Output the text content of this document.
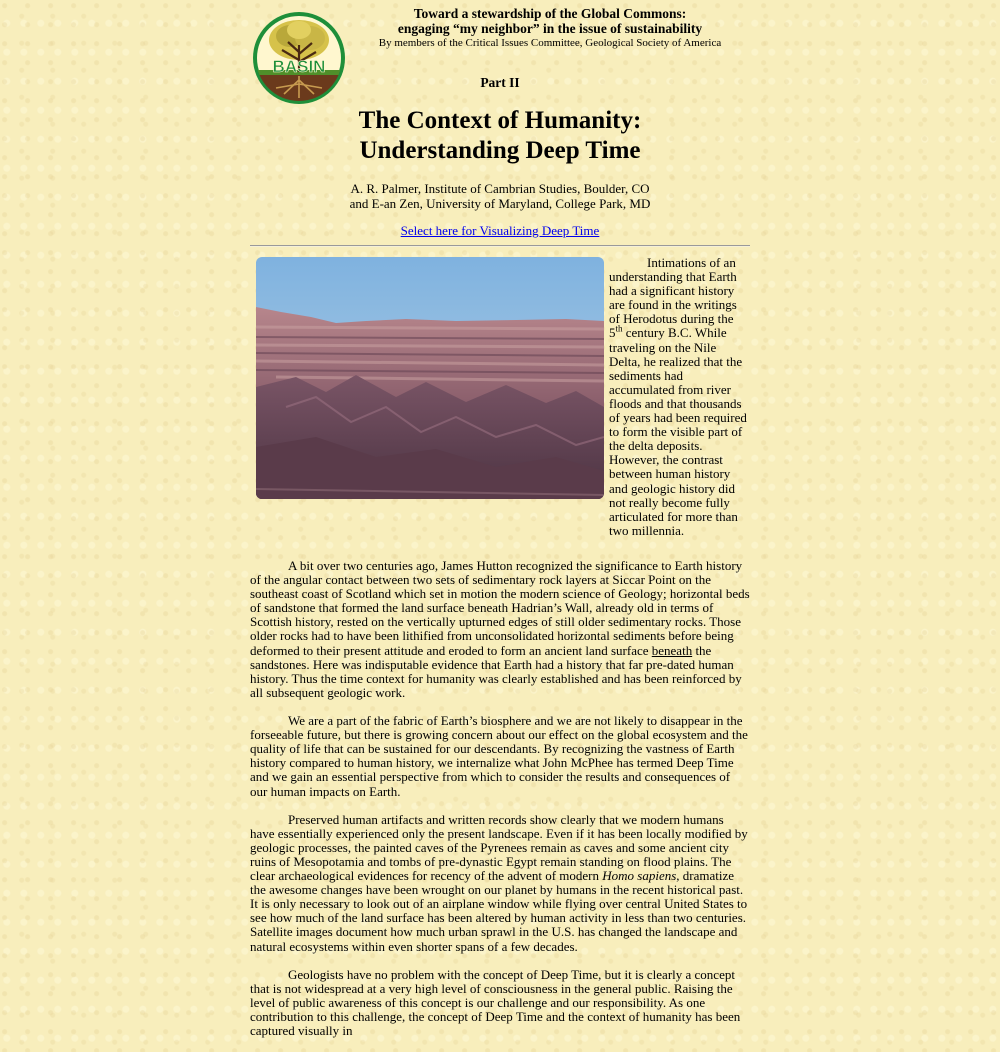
BASIN
Toward a stewardship of the Global Commons:
engaging “my neighbor” in the issue of sustainability
By members of the Critical Issues Committee, Geological Society of America
Part II
The Context of Humanity:
Understanding Deep Time
A. R. Palmer, Institute of Cambrian Studies, Boulder, CO
and E-an Zen, University of Maryland, College Park, MD
Select here for Visualizing Deep Time
Intimations of an understanding that Earth had a significant history are found in the writings of Herodotus during the 5th century B.C. While traveling on the Nile Delta, he realized that the sediments had accumulated from river floods and that thousands of years had been required to form the visible part of the delta deposits. However, the contrast between human history and geologic history did not really become fully articulated for more than two millennia.

A bit over two centuries ago, James Hutton recognized the significance to Earth history of the angular contact between two sets of sedimentary rock layers at Siccar Point on the southeast coast of Scotland which set in motion the modern science of Geology; horizontal beds of sandstone that formed the land surface beneath Hadrian’s Wall, already old in terms of Scottish history, rested on the vertically upturned edges of still older sedimentary rocks. Those older rocks had to have been lithified from unconsolidated horizontal sediments before being deformed to their present attitude and eroded to form an ancient land surface beneath the sandstones. Here was indisputable evidence that Earth had a history that far pre-dated human history. Thus the time context for humanity was clearly established and has been reinforced by all subsequent geologic work.

We are a part of the fabric of Earth’s biosphere and we are not likely to disappear in the forseeable future, but there is growing concern about our effect on the global ecosystem and the quality of life that can be sustained for our descendants. By recognizing the vastness of Earth history compared to human history, we internalize what John McPhee has termed Deep Time and we gain an essential perspective from which to consider the results and consequences of our human impacts on Earth.

Preserved human artifacts and written records show clearly that we modern humans have essentially experienced only the present landscape. Even if it has been locally modified by geologic processes, the painted caves of the Pyrenees remain as caves and some ancient city ruins of Mesopotamia and tombs of pre-dynastic Egypt remain standing on flood plains. The clear archaeological evidences for recency of the advent of modern Homo sapiens, dramatize the awesome changes have been wrought on our planet by humans in the recent historical past. It is only necessary to look out of an airplane window while flying over central United States to see how much of the land surface has been altered by human activity in less than two centuries. Satellite images document how much urban sprawl in the U.S. has changed the landscape and natural ecosystems within even shorter spans of a few decades.

Geologists have no problem with the concept of Deep Time, but it is clearly a concept that is not widespread at a very high level of consciousness in the general public. Raising the level of public awareness of this concept is our challenge and our responsibility. As one contribution to this challenge, the concept of Deep Time and the context of humanity has been captured visually in
